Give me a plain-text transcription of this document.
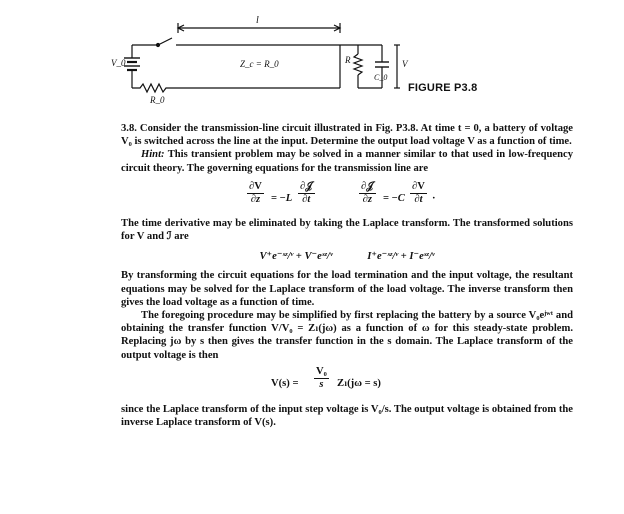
l
Z_c = R_0
V_0
R_0
R
C_0
V
FIGURE P3.8

3.8. Consider the transmission-line circuit illustrated in Fig. P3.8. At time t = 0, a battery of voltage V₀ is switched across the line at the input. Determine the output load voltage V as a function of time.

Hint: This transient problem may be solved in a manner similar to that used in low-frequency circuit theory. The governing equations for the transmission line are

$\frac{\partial V}{\partial z} = -L$
∂𝒥
∂t
∂𝒥
∂z	= $-C \frac{\partial V}{\partial t}$ ·

The time derivative may be eliminated by taking the Laplace transform. The transformed solutions for V and ℐ are

V⁺e⁻ˢᶻ/ᵛ + V⁻eˢᶻ/ᵛ	I⁺e⁻ˢᶻ/ᵛ + I⁻eˢᶻ/ᵛ

By transforming the circuit equations for the load termination and the input voltage, the resultant equations may be solved for the Laplace transform of the load voltage. The inverse transform then gives the load voltage as a function of time.

The foregoing procedure may be simplified by first replacing the battery by a source V₀eʲʷᵗ and obtaining the transfer function V/V₀ = Zₗ(jω) as a function of ω for this steady-state problem. Replacing jω by s then gives the transfer function in the s domain. The Laplace transform of the output voltage is then

$V(s) = \frac{\text{V₀}}{s} Z_l(j\omega = s)$

since the Laplace transform of the input step voltage is V₀/s. The output voltage is obtained from the inverse Laplace transform of V(s).
